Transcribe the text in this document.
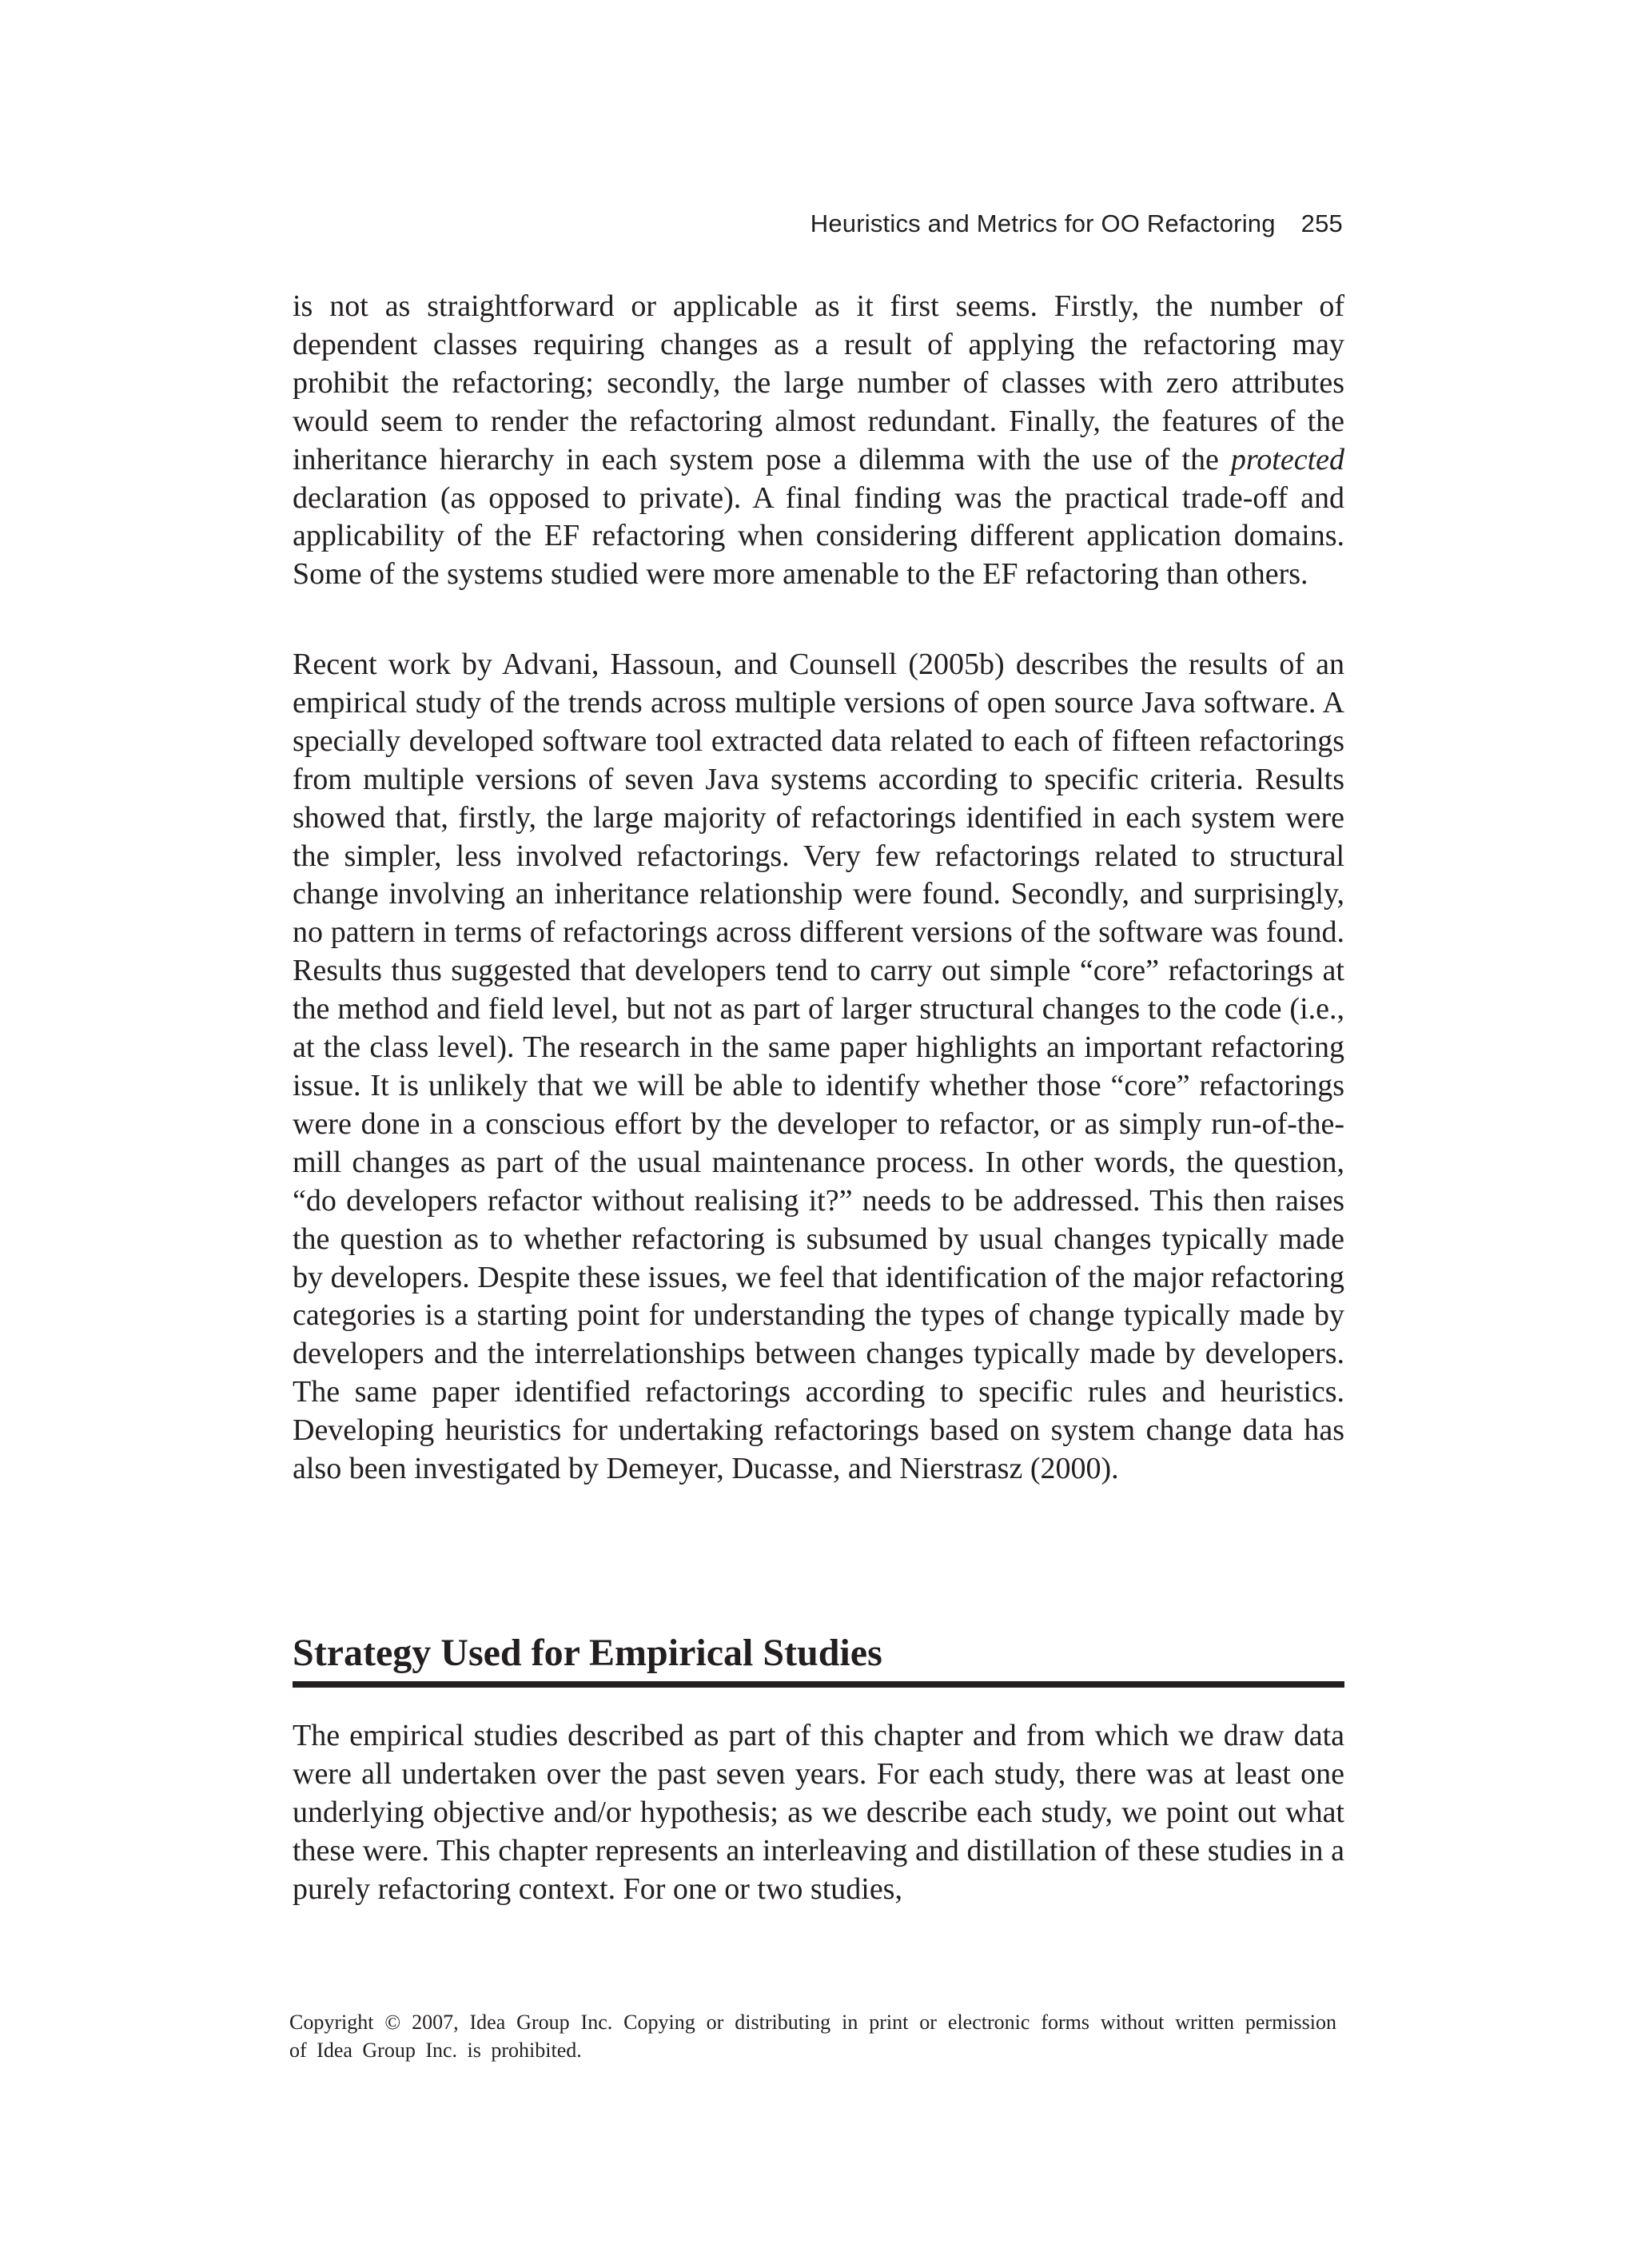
Heuristics and Metrics for OO Refactoring 255

is not as straightforward or applicable as it first seems. Firstly, the number of dependent classes requiring changes as a result of applying the refactoring may prohibit the refactoring; secondly, the large number of classes with zero attributes would seem to render the refactoring almost redundant. Finally, the features of the inheritance hierarchy in each system pose a dilemma with the use of the protected declaration (as opposed to private). A final finding was the practical trade-off and applicability of the EF refactoring when considering different application domains. Some of the systems studied were more amenable to the EF refactoring than others.

Recent work by Advani, Hassoun, and Counsell (2005b) describes the results of an empirical study of the trends across multiple versions of open source Java software. A specially developed software tool extracted data related to each of fifteen refactorings from multiple versions of seven Java systems according to specific criteria. Results showed that, firstly, the large majority of refactorings identified in each system were the simpler, less involved refactorings. Very few refactorings related to structural change involving an inheritance relationship were found. Secondly, and surprisingly, no pattern in terms of refactorings across different versions of the software was found. Results thus suggested that developers tend to carry out simple “core” refactorings at the method and field level, but not as part of larger structural changes to the code (i.e., at the class level). The research in the same paper highlights an important refactoring issue. It is unlikely that we will be able to identify whether those “core” refactorings were done in a conscious effort by the developer to refactor, or as simply run-of-the-mill changes as part of the usual maintenance process. In other words, the question, “do developers refactor without realising it?” needs to be addressed. This then raises the question as to whether refactoring is subsumed by usual changes typically made by developers. Despite these issues, we feel that identification of the major refactoring categories is a starting point for understanding the types of change typically made by developers and the interrelationships between changes typically made by developers. The same paper identified refactorings according to specific rules and heuristics. Developing heuristics for undertaking refactorings based on system change data has also been investigated by Demeyer, Ducasse, and Nierstrasz (2000).

Strategy Used for Empirical Studies

The empirical studies described as part of this chapter and from which we draw data were all undertaken over the past seven years. For each study, there was at least one underlying objective and/or hypothesis; as we describe each study, we point out what these were. This chapter represents an interleaving and distillation of these studies in a purely refactoring context. For one or two studies,

Copyright © 2007, Idea Group Inc. Copying or distributing in print or electronic forms without written permission of Idea Group Inc. is prohibited.
